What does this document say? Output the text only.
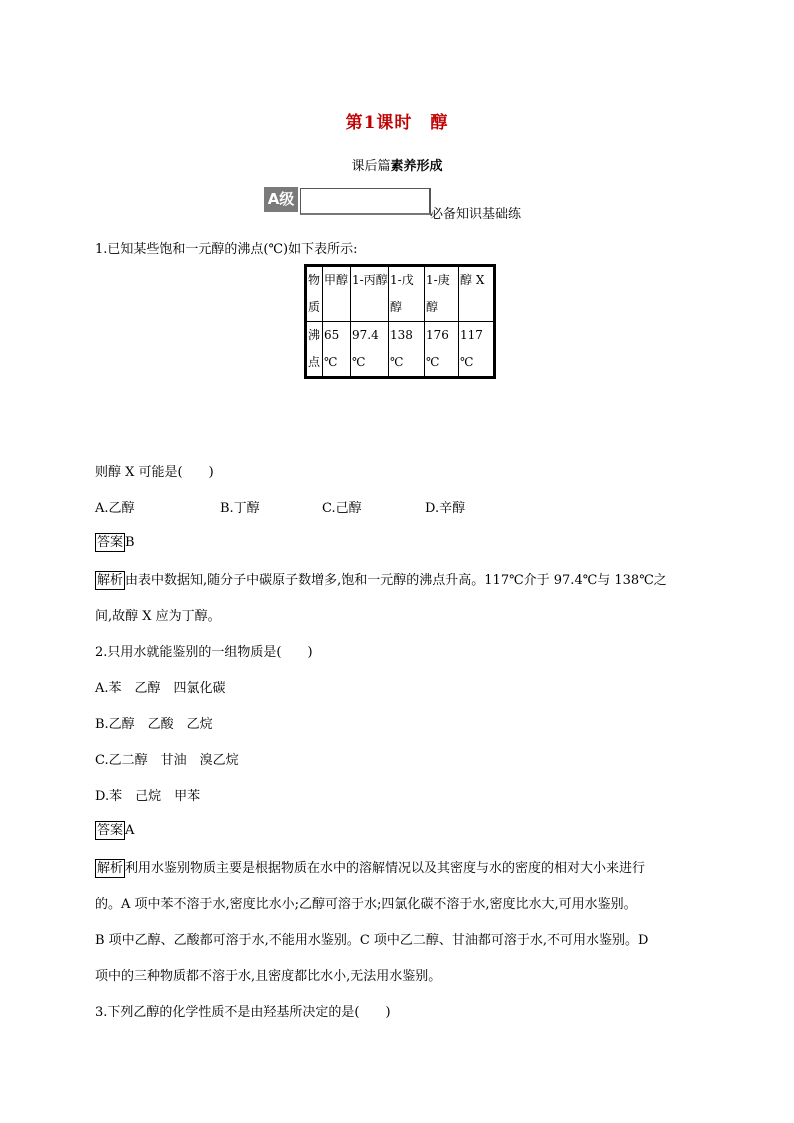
第1课时　醇
课后篇素养形成
A级
必备知识基础练
1.已知某些饱和一元醇的沸点(℃)如下表所示:
物质	甲醇	1-丙醇	1-戊醇	1-庚醇	醇 X
沸点	65 ℃	97.4 ℃	138 ℃	176 ℃	117 ℃
则醇 X 可能是(　　)
A.乙醇	B.丁醇	C.己醇	D.辛醇
答案 B
解析 由表中数据知,随分子中碳原子数增多,饱和一元醇的沸点升高。117℃介于 97.4℃与 138℃之
间,故醇 X 应为丁醇。
2.只用水就能鉴别的一组物质是(　　)
A.苯　乙醇　四氯化碳
B.乙醇　乙酸　乙烷
C.乙二醇　甘油　溴乙烷
D.苯　己烷　甲苯
答案 A
解析 利用水鉴别物质主要是根据物质在水中的溶解情况以及其密度与水的密度的相对大小来进行
的。A 项中苯不溶于水,密度比水小;乙醇可溶于水;四氯化碳不溶于水,密度比水大,可用水鉴别。
B 项中乙醇、乙酸都可溶于水,不能用水鉴别。C 项中乙二醇、甘油都可溶于水,不可用水鉴别。D
项中的三种物质都不溶于水,且密度都比水小,无法用水鉴别。
3.下列乙醇的化学性质不是由羟基所决定的是(　　)
